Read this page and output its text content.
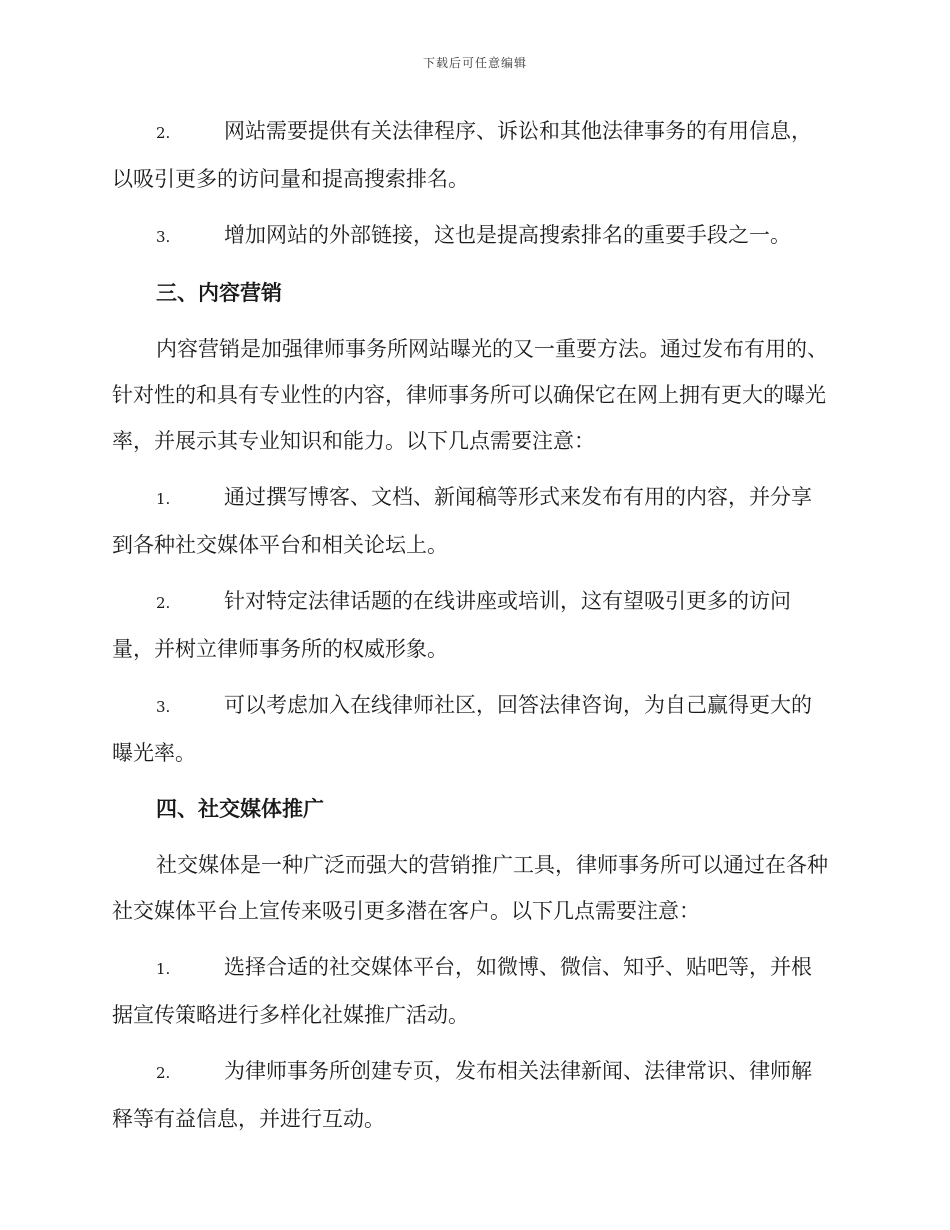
下载后可任意编辑

2.	网站需要提供有关法律程序、诉讼和其他法律事务的有用信息，以吸引更多的访问量和提高搜索排名。

3.	增加网站的外部链接，这也是提高搜索排名的重要手段之一。

三、内容营销

内容营销是加强律师事务所网站曝光的又一重要方法。通过发布有用的、针对性的和具有专业性的内容，律师事务所可以确保它在网上拥有更大的曝光率，并展示其专业知识和能力。以下几点需要注意：

1.	通过撰写博客、文档、新闻稿等形式来发布有用的内容，并分享到各种社交媒体平台和相关论坛上。

2.	针对特定法律话题的在线讲座或培训，这有望吸引更多的访问量，并树立律师事务所的权威形象。

3.	可以考虑加入在线律师社区，回答法律咨询，为自己赢得更大的曝光率。

四、社交媒体推广

社交媒体是一种广泛而强大的营销推广工具，律师事务所可以通过在各种社交媒体平台上宣传来吸引更多潜在客户。以下几点需要注意：

1.	选择合适的社交媒体平台，如微博、微信、知乎、贴吧等，并根据宣传策略进行多样化社媒推广活动。

2.	为律师事务所创建专页，发布相关法律新闻、法律常识、律师解释等有益信息，并进行互动。
